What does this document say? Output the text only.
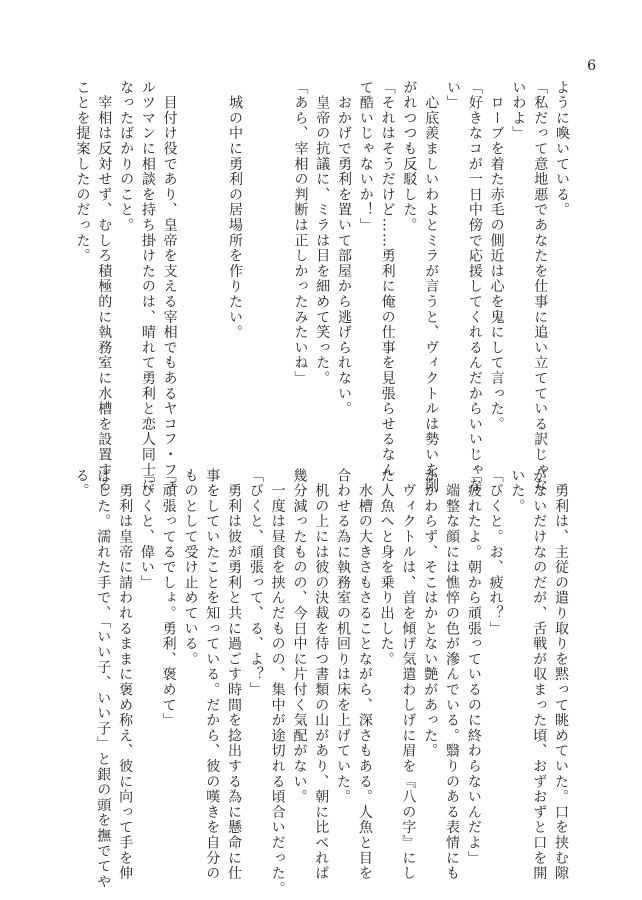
6
ように喚いている。
「私だって意地悪であなたを仕事に追い立てている訳じゃな
いわよ」
　ローブを着た赤毛の側近は心を鬼にして言った。
「好きなコが一日中傍で応援してくれるんだからいいじゃな
い」
　心底羨ましいわよとミラが言うと、ヴィクトルは勢いを削
がれつつも反駁した。
「それはそうだけど……勇利に俺の仕事を見張らせるなん
て酷いじゃないか！」
　おかげで勇利を置いて部屋から逃げられない。
　皇帝の抗議に、ミラは目を細めて笑った。
「あら、宰相の判断は正しかったみたいね」

　城の中に勇利の居場所を作りたい。

　目付け役であり、皇帝を支える宰相でもあるヤコフ・フェ
ルツマンに相談を持ち掛けたのは、晴れて勇利と恋人同士に
なったばかりのこと。
　宰相は反対せず、むしろ積極的に執務室に水槽を設置する
ことを提案したのだった。
　勇利は、主従の遣り取りを黙って眺めていた。口を挟む隙
がないだけなのだが、舌戦が収まった頃、おずおずと口を開
いた。
「びくと。お、疲れ？」
「疲れたよ。朝から頑張っているのに終わらないんだよ」
　端整な顔には憔悴の色が滲んでいる。翳りのある表情にも
かかわらず、そこはかとない艶があった。
　ヴィクトルは、首を傾げ気遣わしげに眉を『八の字』にし
た人魚へと身を乗り出した。
　水槽の大きさもさることながら、深さもある。人魚と目を
合わせる為に執務室の机回りは床を上げていた。
　机の上には彼の決裁を待つ書類の山があり、朝に比べれば
幾分減ったものの、今日中に片付く気配がない。
　一度は昼食を挟んだものの、集中が途切れる頃合いだった。
「びくと、頑張って、る、よ？」
　勇利は彼が勇利と共に過ごす時間を捻出する為に懸命に仕
事をしていたことを知っている。だから、彼の嘆きを自分の
ものとして受け止めている。
「頑張ってるでしょ。勇利、褒めて」
「びくと、偉い」
　勇利は皇帝に請われるままに褒め称え、彼に向って手を伸
ばした。濡れた手で、「いい子、いい子」と銀の頭を撫でてや
る。
